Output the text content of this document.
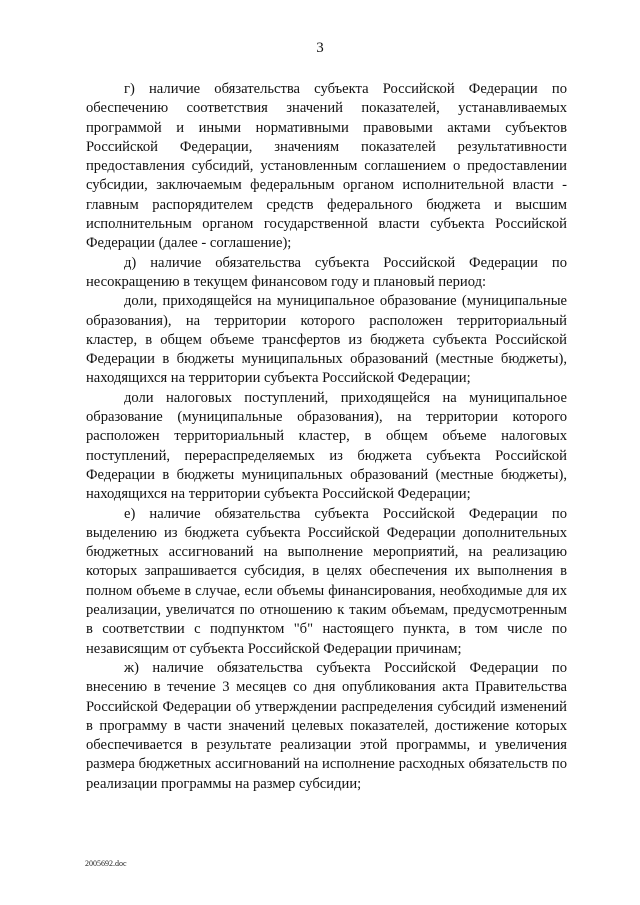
3

г) наличие обязательства субъекта Российской Федерации по обеспечению соответствия значений показателей, устанавливаемых программой и иными нормативными правовыми актами субъектов Российской Федерации, значениям показателей результативности предоставления субсидий, установленным соглашением о предоставлении субсидии, заключаемым федеральным органом исполнительной власти - главным распорядителем средств федерального бюджета и высшим исполнительным органом государственной власти субъекта Российской Федерации (далее - соглашение);

д) наличие обязательства субъекта Российской Федерации по несокращению в текущем финансовом году и плановый период:

доли, приходящейся на муниципальное образование (муниципальные образования), на территории которого расположен территориальный кластер, в общем объеме трансфертов из бюджета субъекта Российской Федерации в бюджеты муниципальных образований (местные бюджеты), находящихся на территории субъекта Российской Федерации;

доли налоговых поступлений, приходящейся на муниципальное образование (муниципальные образования), на территории которого расположен территориальный кластер, в общем объеме налоговых поступлений, перераспределяемых из бюджета субъекта Российской Федерации в бюджеты муниципальных образований (местные бюджеты), находящихся на территории субъекта Российской Федерации;

е) наличие обязательства субъекта Российской Федерации по выделению из бюджета субъекта Российской Федерации дополнительных бюджетных ассигнований на выполнение мероприятий, на реализацию которых запрашивается субсидия, в целях обеспечения их выполнения в полном объеме в случае, если объемы финансирования, необходимые для их реализации, увеличатся по отношению к таким объемам, предусмотренным в соответствии с подпунктом "б" настоящего пункта, в том числе по независящим от субъекта Российской Федерации причинам;

ж) наличие обязательства субъекта Российской Федерации по внесению в течение 3 месяцев со дня опубликования акта Правительства Российской Федерации об утверждении распределения субсидий изменений в программу в части значений целевых показателей, достижение которых обеспечивается в результате реализации этой программы, и увеличения размера бюджетных ассигнований на исполнение расходных обязательств по реализации программы на размер субсидии;

2005692.doc
